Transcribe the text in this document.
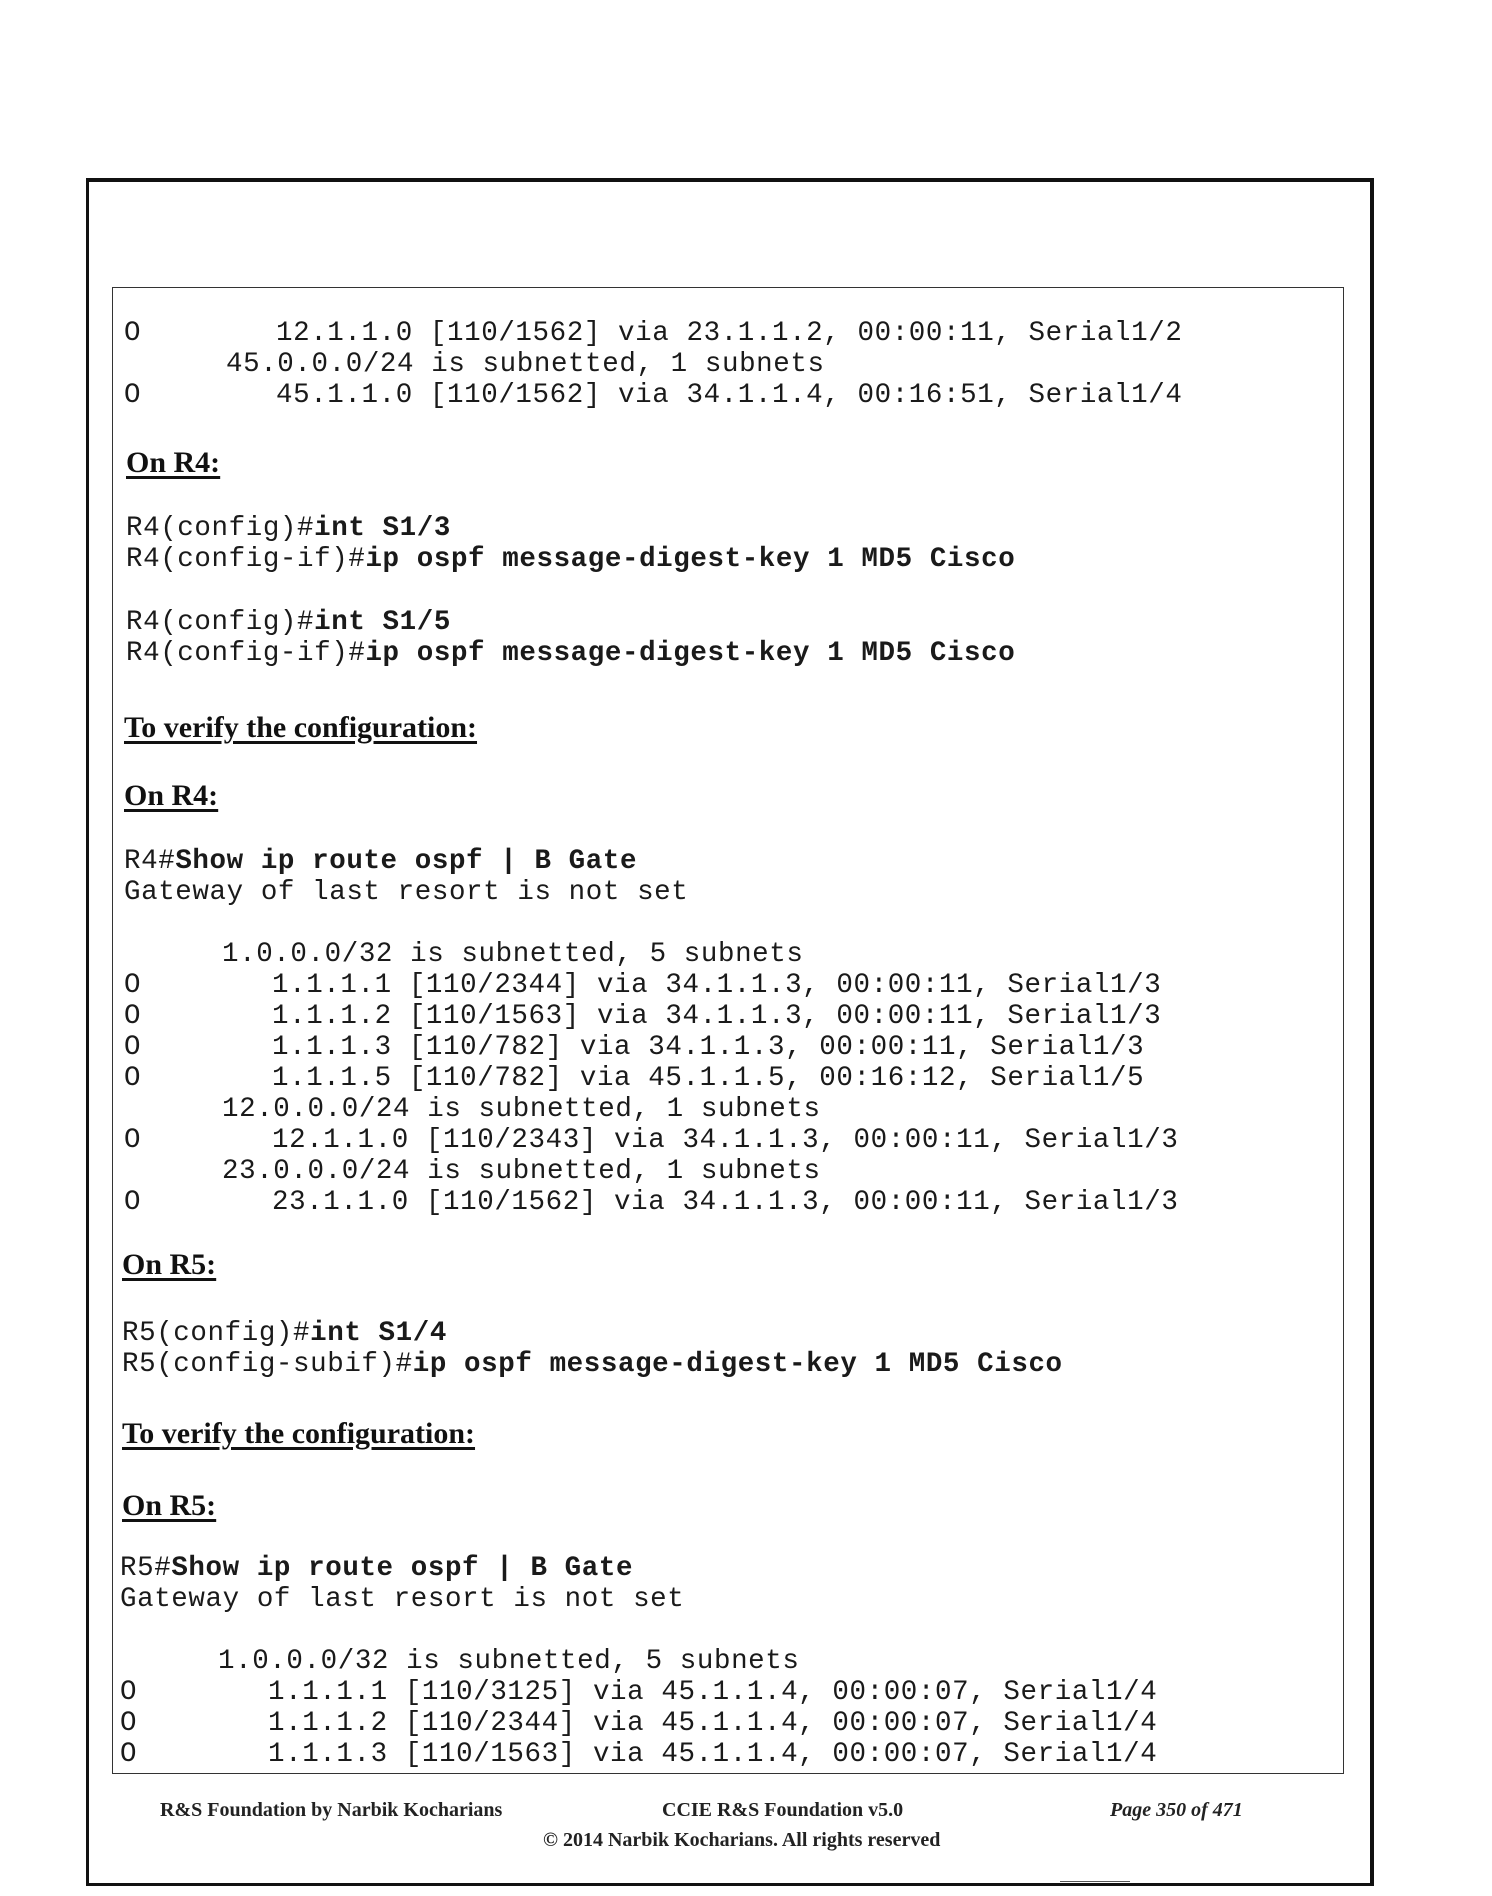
O	12.1.1.0 [110/1562] via 23.1.1.2, 00:00:11, Serial1/2
45.0.0.0/24 is subnetted, 1 subnets
O	45.1.1.0 [110/1562] via 34.1.1.4, 00:16:51, Serial1/4
On R4:
R4(config)#int S1/3
R4(config-if)#ip ospf message-digest-key 1 MD5 Cisco
R4(config)#int S1/5
R4(config-if)#ip ospf message-digest-key 1 MD5 Cisco
To verify the configuration:
On R4:
R4#Show ip route ospf | B Gate
Gateway of last resort is not set
1.0.0.0/32 is subnetted, 5 subnets
O	1.1.1.1 [110/2344] via 34.1.1.3, 00:00:11, Serial1/3
O	1.1.1.2 [110/1563] via 34.1.1.3, 00:00:11, Serial1/3
O	1.1.1.3 [110/782] via 34.1.1.3, 00:00:11, Serial1/3
O	1.1.1.5 [110/782] via 45.1.1.5, 00:16:12, Serial1/5
12.0.0.0/24 is subnetted, 1 subnets
O	12.1.1.0 [110/2343] via 34.1.1.3, 00:00:11, Serial1/3
23.0.0.0/24 is subnetted, 1 subnets
O	23.1.1.0 [110/1562] via 34.1.1.3, 00:00:11, Serial1/3
On R5:
R5(config)#int S1/4
R5(config-subif)#ip ospf message-digest-key 1 MD5 Cisco
To verify the configuration:
On R5:
R5#Show ip route ospf | B Gate
Gateway of last resort is not set
1.0.0.0/32 is subnetted, 5 subnets
O	1.1.1.1 [110/3125] via 45.1.1.4, 00:00:07, Serial1/4
O	1.1.1.2 [110/2344] via 45.1.1.4, 00:00:07, Serial1/4
O	1.1.1.3 [110/1563] via 45.1.1.4, 00:00:07, Serial1/4
R&S Foundation by Narbik Kocharians	CCIE R&S Foundation v5.0	Page 350 of 471
© 2014 Narbik Kocharians. All rights reserved
